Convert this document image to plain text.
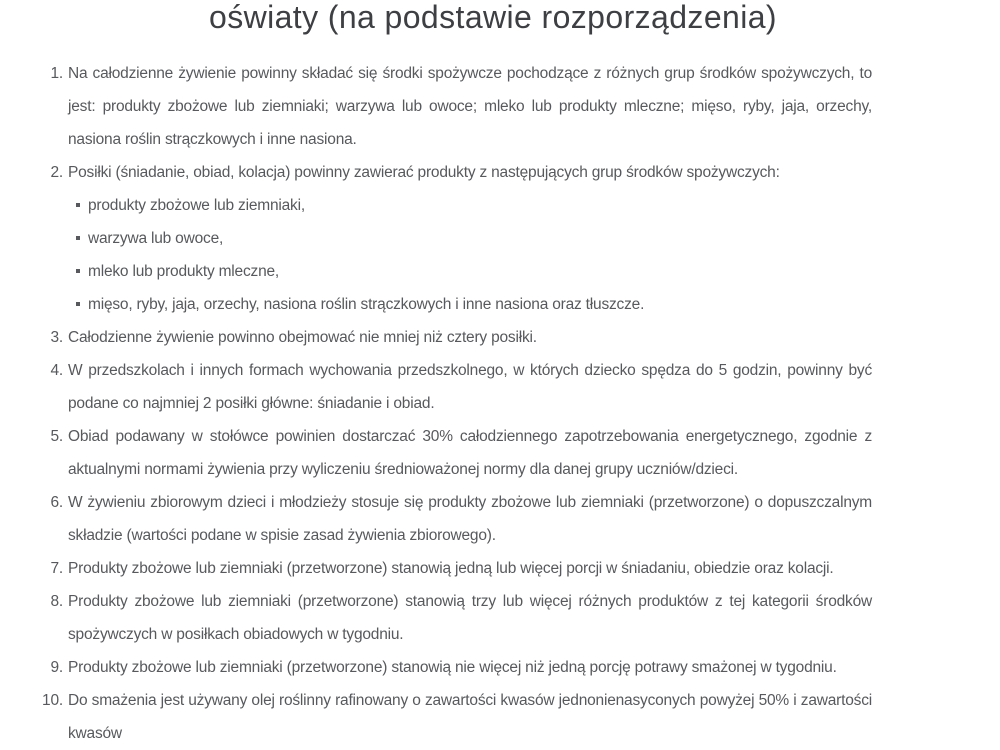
oświaty (na podstawie rozporządzenia)
1. Na całodzienne żywienie powinny składać się środki spożywcze pochodzące z różnych grup środków spożywczych, to jest: produkty zbożowe lub ziemniaki; warzywa lub owoce; mleko lub produkty mleczne; mięso, ryby, jaja, orzechy, nasiona roślin strączkowych i inne nasiona.
2. Posiłki (śniadanie, obiad, kolacja) powinny zawierać produkty z następujących grup środków spożywczych:
produkty zbożowe lub ziemniaki,
warzywa lub owoce,
mleko lub produkty mleczne,
mięso, ryby, jaja, orzechy, nasiona roślin strączkowych i inne nasiona oraz tłuszcze.
3. Całodzienne żywienie powinno obejmować nie mniej niż cztery posiłki.
4. W przedszkolach i innych formach wychowania przedszkolnego, w których dziecko spędza do 5 godzin, powinny być podane co najmniej 2 posiłki główne: śniadanie i obiad.
5. Obiad podawany w stołówce powinien dostarczać 30% całodziennego zapotrzebowania energetycznego, zgodnie z aktualnymi normami żywienia przy wyliczeniu średnioważonej normy dla danej grupy uczniów/dzieci.
6. W żywieniu zbiorowym dzieci i młodzieży stosuje się produkty zbożowe lub ziemniaki (przetworzone) o dopuszczalnym składzie (wartości podane w spisie zasad żywienia zbiorowego).
7. Produkty zbożowe lub ziemniaki (przetworzone) stanowią jedną lub więcej porcji w śniadaniu, obiedzie oraz kolacji.
8. Produkty zbożowe lub ziemniaki (przetworzone) stanowią trzy lub więcej różnych produktów z tej kategorii środków spożywczych w posiłkach obiadowych w tygodniu.
9. Produkty zbożowe lub ziemniaki (przetworzone) stanowią nie więcej niż jedną porcję potrawy smażonej w tygodniu.
10. Do smażenia jest używany olej roślinny rafinowany o zawartości kwasów jednonienasyconych powyżej 50% i zawartości kwasów
